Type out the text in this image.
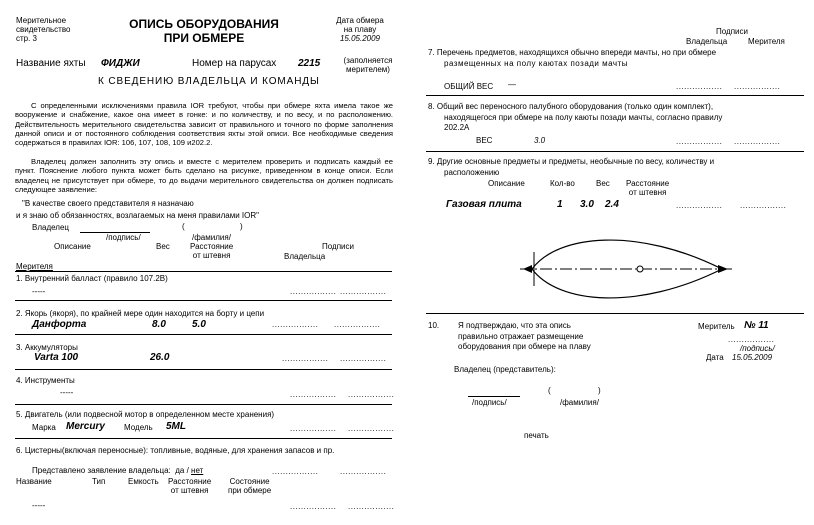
Мерительное
свидетельство
стр. 3
ОПИСЬ ОБОРУДОВАНИЯ
ПРИ ОБМЕРЕ
Дата обмера
на плаву
15.05.2009
Название яхты ФИДЖИ	Номер на парусах 2215	(заполняется
мерителем)
К СВЕДЕНИЮ ВЛАДЕЛЬЦА И КОМАНДЫ
С определенными исключениями правила IOR требуют, чтобы при обмере яхта имела такое же вооружение и снабжение, какое она имеет в гонке: и по количеству, и по весу, и по расположению. Действительность мерительного свидетельства зависит от правильного и точного по форме заполнения данной описи и от постоянного соблюдения соответствия яхты этой описи. Все необходимые сведения содержаться в правилах IOR: 106, 107, 108, 109 и202.2.
Владелец должен заполнить эту опись и вместе с мерителем проверить и подписать каждый ее пункт. Пояснение любого пункта может быть сделано на рисунке, приведенном в конце описи. Если владелец не присутствует при обмере, то до выдачи мерительного свидетельства он должен подписать следующее заявление:
"В качестве своего представителя я назначаю
и я знаю об обязанностях, возлагаемых на меня правилами IOR"
Владелец	(	)
/подпись/	/фамилия/
Описание	Вес	Расстояние
от штевня
Подписи
Владельца
Мерителя
1. Внутренний балласт (правило 107.2B)
-----	................. .................
2. Якорь (якоря), по крайней мере один находится на борту и цепи
Данфорта	8.0	5.0	................. .................
3. Аккумуляторы
Varta 100	26.0	................. .................
4. Инструменты
-----	................. .................
5. Двигатель (или подвесной мотор в определенном месте хранения)
Марка Mercury Модель 5ML	................. .................
6. Цистерны(включая переносные): топливные, водяные, для хранения запасов и пр.
Представлено заявление владельца: да / нет	.................	.................
Название	Тип	Емкость Расстояние
от штевня
Состояние
при обмере
-----	................. .................
Подписи
Владельца	Мерителя
7. Перечень предметов, находящихся обычно впереди мачты, но при обмере
размещенных на полу каютах позади мачты
ОБЩИЙ ВЕС —	................. .................
8. Общий вес переносного палубного оборудования (только один комплект),
находящегося при обмере на полу каюты позади мачты, согласно правилу
202.2A
ВЕС	3.0	................. .................
9. Другие основные предметы и предметы, необычные по весу, количеству и
расположению
Описание	Кол-во	Вес Расстояние
от штевня
Газовая плита	1 3.0 2.4	................. .................
10. Я подтверждаю, что эта опись
правильно отражает размещение
оборудования при обмере на плаву
Меритель № 11
.................
/подпись/
Дата 15.05.2009
Владелец (представитель):
(	)
/подпись/	/фамилия/
печать
